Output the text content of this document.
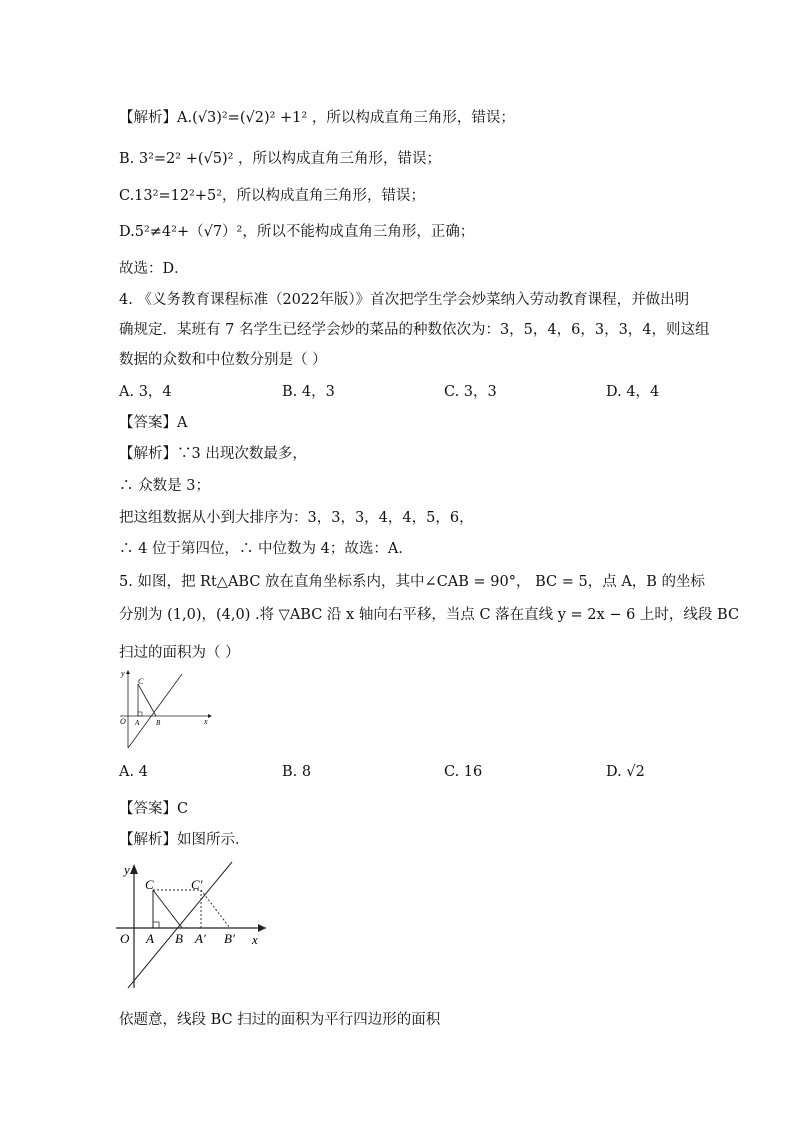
【解析】A.(√3)²=(√2)² +1² ，所以构成直角三角形，错误；
B. 3²=2² +(√5)² ，所以构成直角三角形，错误；
C.13²=12²+5²，所以构成直角三角形，错误；
D.5²≠4²+（√7）²，所以不能构成直角三角形，正确；
故选：D．
4. 《义务教育课程标准（2022年版）》首次把学生学会炒菜纳入劳动教育课程，并做出明
确规定．某班有 7 名学生已经学会炒的菜品的种数依次为：3，5，4，6，3，3，4，则这组
数据的众数和中位数分别是（ ）
A. 3，4	B. 4，3	C. 3，3	D. 4，4
【答案】A
【解析】∵3 出现次数最多，
∴ 众数是 3；
把这组数据从小到大排序为：3，3，3，4，4，5，6，
∴ 4 位于第四位，∴ 中位数为 4；故选：A．
5. 如图，把 Rt△ABC 放在直角坐标系内，其中∠CAB = 90°， BC = 5，点 A，B 的坐标
分别为 (1,0)，(4,0) .将 ▽ABC 沿 x 轴向右平移，当点 C 落在直线 y = 2x − 6 上时，线段 BC
扫过的面积为（ ）
y
x
O A B
C
A. 4	B. 8	C. 16	D. √2
【答案】C
【解析】如图所示．
y
x
O A B A′ B′
C	C′
依题意，线段 BC 扫过的面积为平行四边形的面积
